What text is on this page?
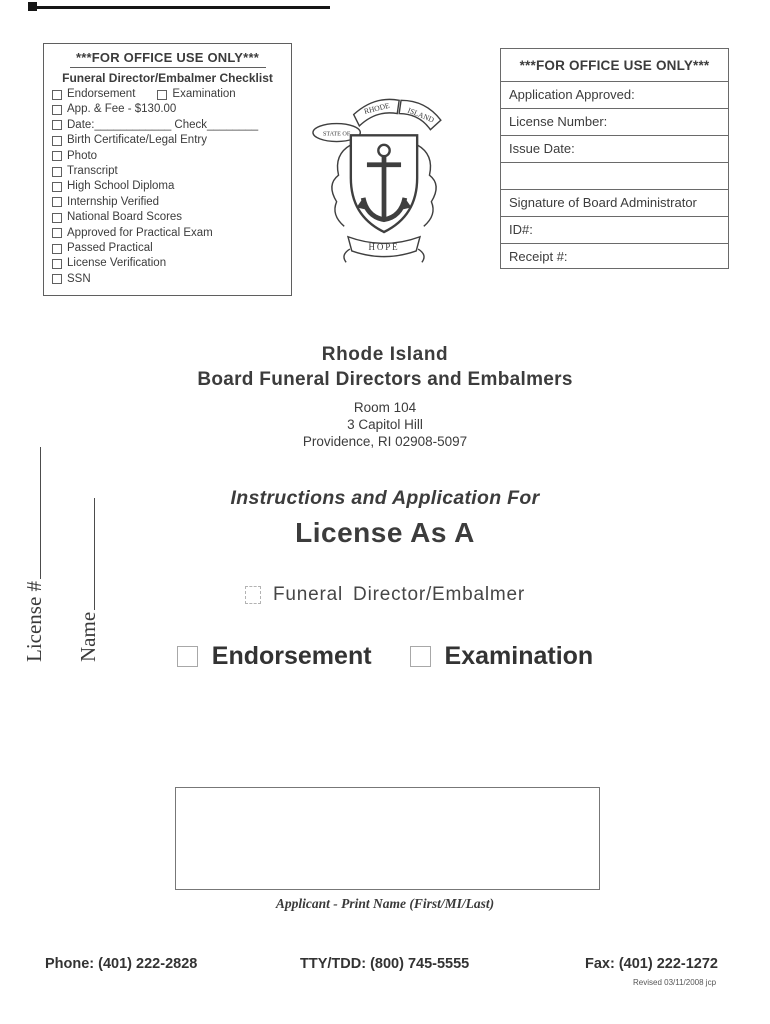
***FOR OFFICE USE ONLY***
Funeral Director/Embalmer Checklist
Endorsement	Examination
App. & Fee - $130.00
Date:____________ Check________
Birth Certificate/Legal Entry
Photo
Transcript
High School Diploma
Internship Verified
National Board Scores
Approved for Practical Exam
Passed Practical
License Verification
SSN
STATE OF
RHODE ISLAND
HOPE
***FOR OFFICE USE ONLY***
Application Approved:
License Number:
Issue Date:
Signature of Board Administrator
ID#:
Receipt #:
License # Name
Rhode Island
Board Funeral Directors and Embalmers
Room 104
3 Capitol Hill
Providence, RI 02908-5097
Instructions and Application For
License As A
Funeral Director/Embalmer
Endorsement	Examination
Applicant - Print Name (First/MI/Last)
Phone: (401) 222-2828	TTY/TDD: (800) 745-5555	Fax: (401) 222-1272
Revised 03/11/2008 jcp
